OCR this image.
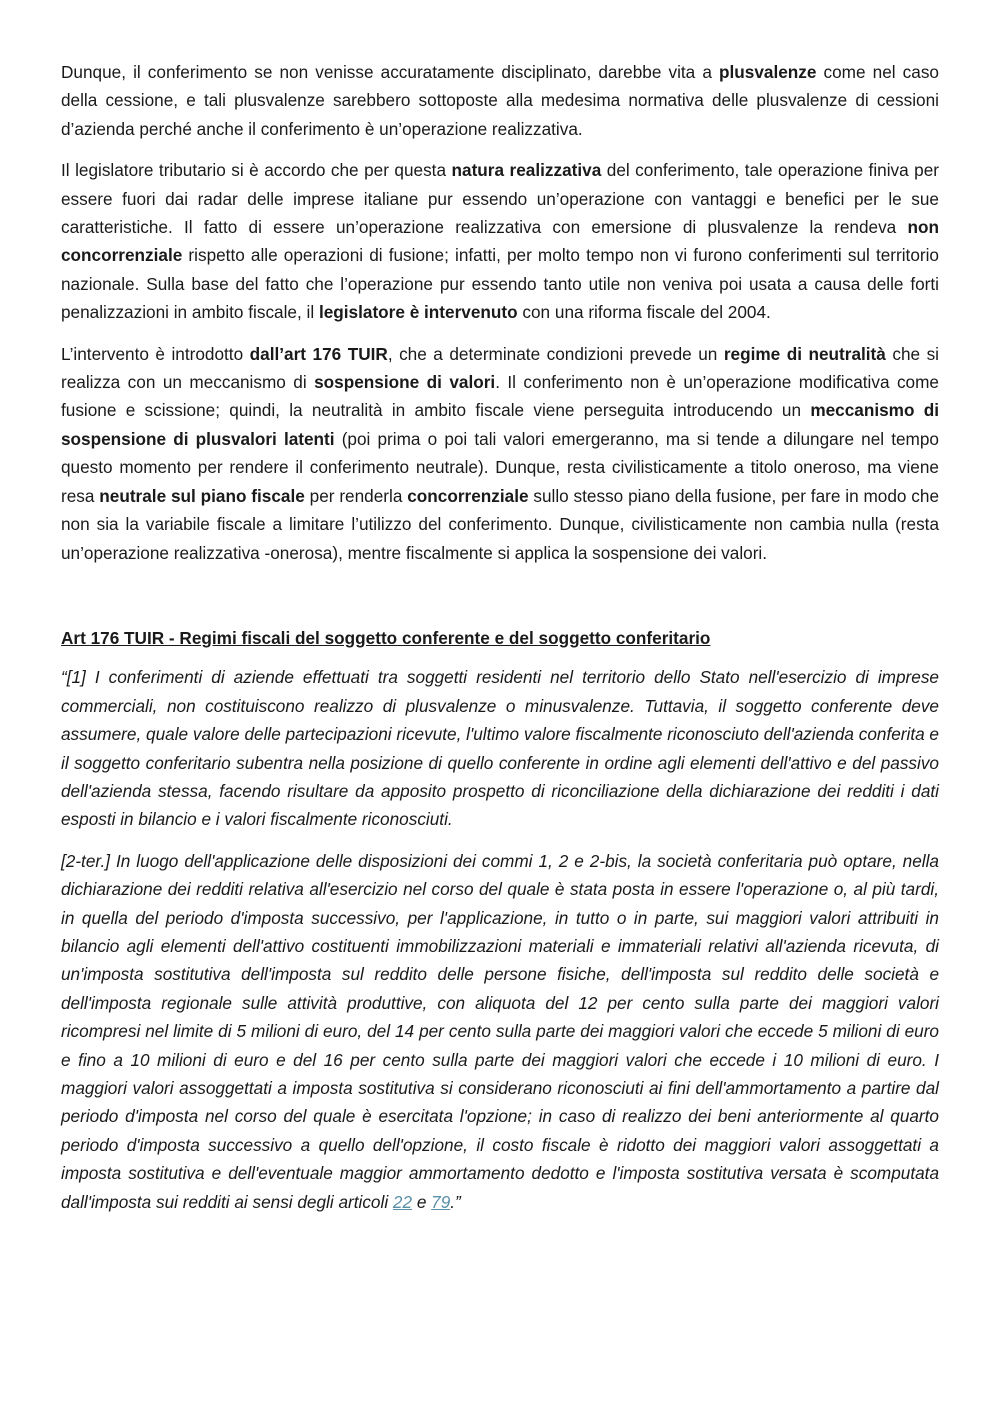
Dunque, il conferimento se non venisse accuratamente disciplinato, darebbe vita a plusvalenze come nel caso della cessione, e tali plusvalenze sarebbero sottoposte alla medesima normativa delle plusvalenze di cessioni d’azienda perché anche il conferimento è un’operazione realizzativa.

Il legislatore tributario si è accordo che per questa natura realizzativa del conferimento, tale operazione finiva per essere fuori dai radar delle imprese italiane pur essendo un’operazione con vantaggi e benefici per le sue caratteristiche. Il fatto di essere un’operazione realizzativa con emersione di plusvalenze la rendeva non concorrenziale rispetto alle operazioni di fusione; infatti, per molto tempo non vi furono conferimenti sul territorio nazionale. Sulla base del fatto che l’operazione pur essendo tanto utile non veniva poi usata a causa delle forti penalizzazioni in ambito fiscale, il legislatore è intervenuto con una riforma fiscale del 2004.

L’intervento è introdotto dall’art 176 TUIR, che a determinate condizioni prevede un regime di neutralità che si realizza con un meccanismo di sospensione di valori. Il conferimento non è un’operazione modificativa come fusione e scissione; quindi, la neutralità in ambito fiscale viene perseguita introducendo un meccanismo di sospensione di plusvalori latenti (poi prima o poi tali valori emergeranno, ma si tende a dilungare nel tempo questo momento per rendere il conferimento neutrale). Dunque, resta civilisticamente a titolo oneroso, ma viene resa neutrale sul piano fiscale per renderla concorrenziale sullo stesso piano della fusione, per fare in modo che non sia la variabile fiscale a limitare l’utilizzo del conferimento. Dunque, civilisticamente non cambia nulla (resta un’operazione realizzativa -onerosa), mentre fiscalmente si applica la sospensione dei valori.

Art 176 TUIR - Regimi fiscali del soggetto conferente e del soggetto conferitario

“[1] I conferimenti di aziende effettuati tra soggetti residenti nel territorio dello Stato nell'esercizio di imprese commerciali, non costituiscono realizzo di plusvalenze o minusvalenze. Tuttavia, il soggetto conferente deve assumere, quale valore delle partecipazioni ricevute, l'ultimo valore fiscalmente riconosciuto dell'azienda conferita e il soggetto conferitario subentra nella posizione di quello conferente in ordine agli elementi dell'attivo e del passivo dell'azienda stessa, facendo risultare da apposito prospetto di riconciliazione della dichiarazione dei redditi i dati esposti in bilancio e i valori fiscalmente riconosciuti.

[2-ter.] In luogo dell'applicazione delle disposizioni dei commi 1, 2 e 2-bis, la società conferitaria può optare, nella dichiarazione dei redditi relativa all'esercizio nel corso del quale è stata posta in essere l'operazione o, al più tardi, in quella del periodo d'imposta successivo, per l'applicazione, in tutto o in parte, sui maggiori valori attribuiti in bilancio agli elementi dell'attivo costituenti immobilizzazioni materiali e immateriali relativi all'azienda ricevuta, di un'imposta sostitutiva dell'imposta sul reddito delle persone fisiche, dell'imposta sul reddito delle società e dell'imposta regionale sulle attività produttive, con aliquota del 12 per cento sulla parte dei maggiori valori ricompresi nel limite di 5 milioni di euro, del 14 per cento sulla parte dei maggiori valori che eccede 5 milioni di euro e fino a 10 milioni di euro e del 16 per cento sulla parte dei maggiori valori che eccede i 10 milioni di euro. I maggiori valori assoggettati a imposta sostitutiva si considerano riconosciuti ai fini dell'ammortamento a partire dal periodo d'imposta nel corso del quale è esercitata l'opzione; in caso di realizzo dei beni anteriormente al quarto periodo d'imposta successivo a quello dell'opzione, il costo fiscale è ridotto dei maggiori valori assoggettati a imposta sostitutiva e dell'eventuale maggior ammortamento dedotto e l'imposta sostitutiva versata è scomputata dall'imposta sui redditi ai sensi degli articoli 22 e 79.”
